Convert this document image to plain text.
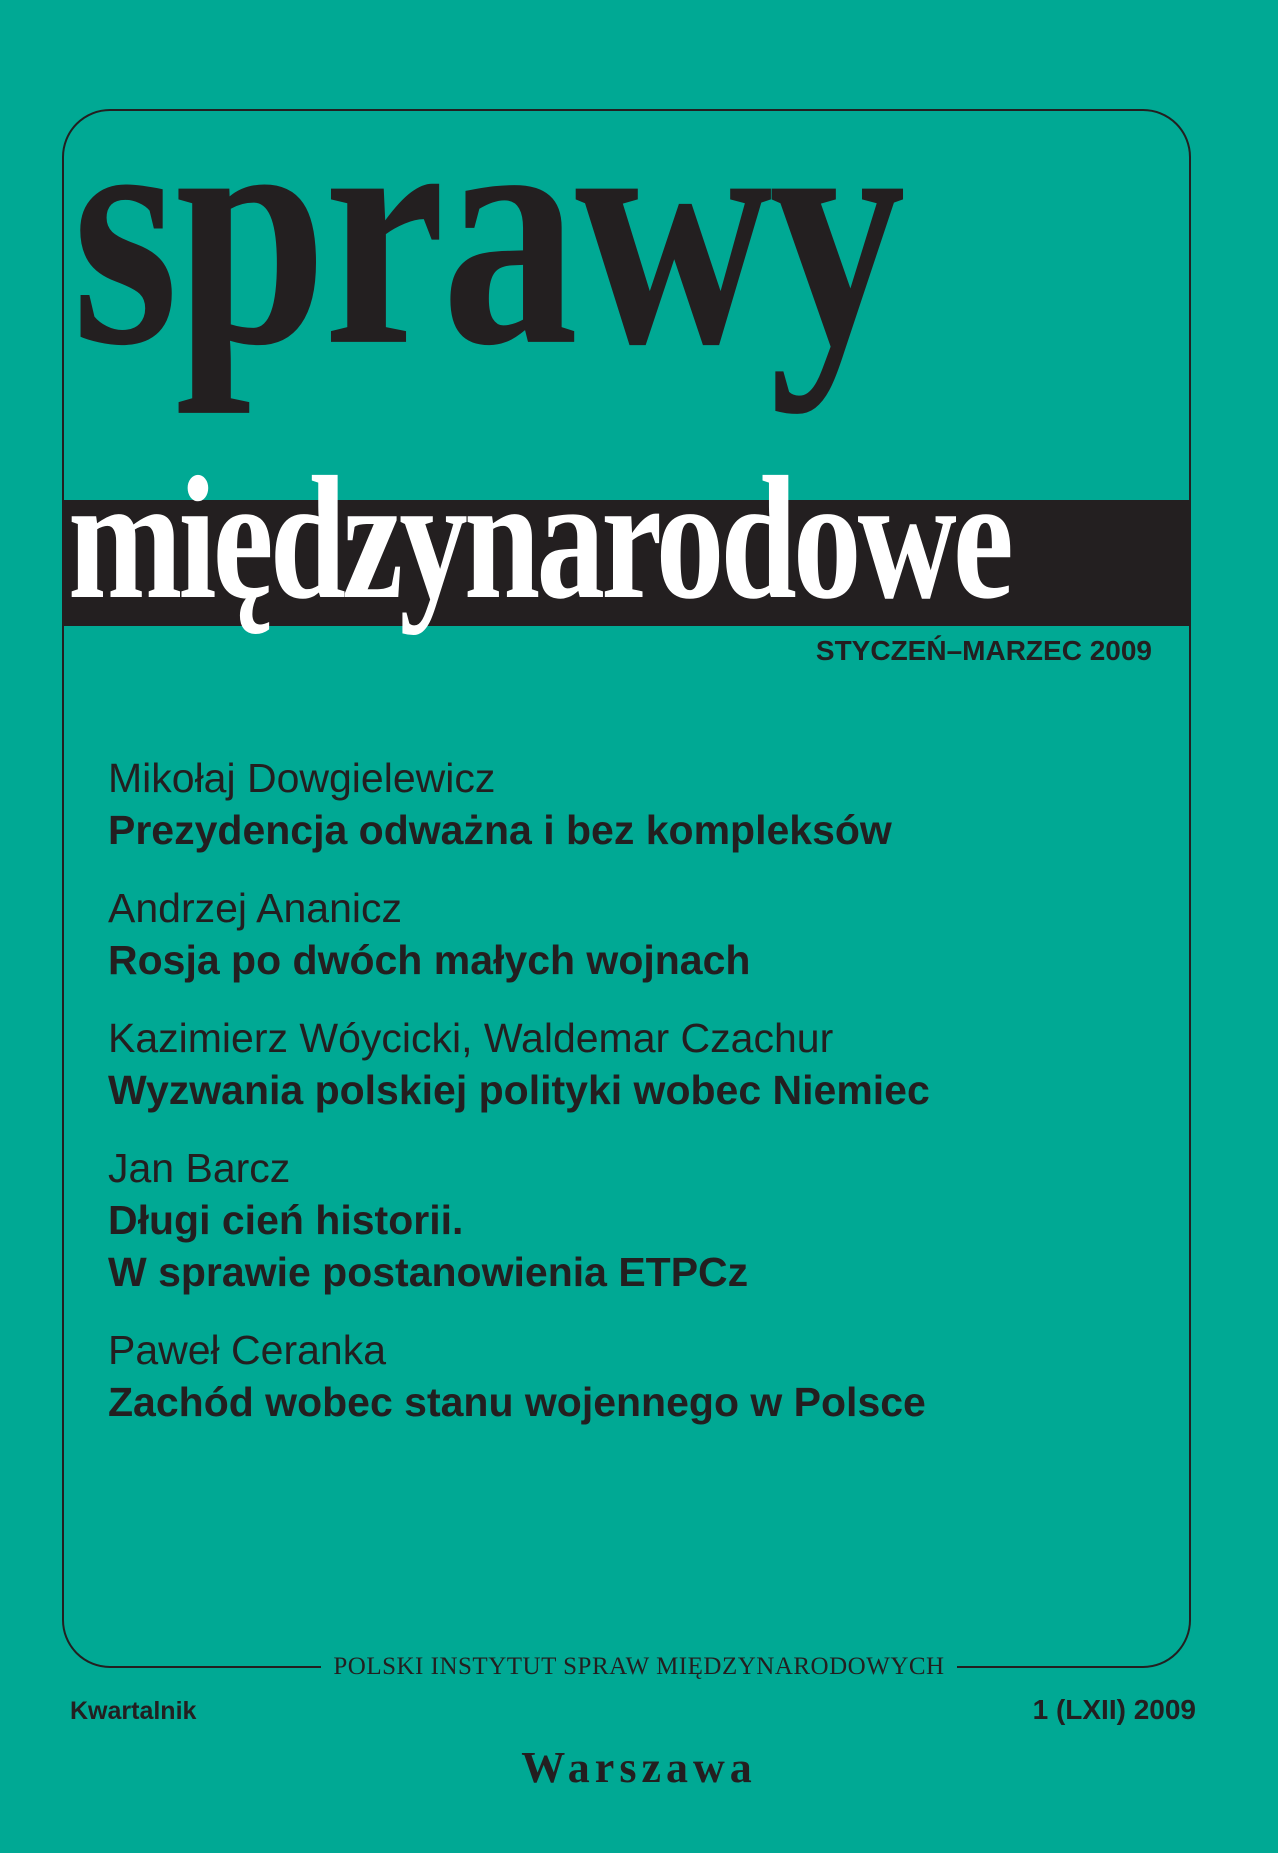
sprawy
międzynarodowe
STYCZEŃ–MARZEC 2009
Mikołaj Dowgielewicz
Prezydencja odważna i bez kompleksów
Andrzej Ananicz
Rosja po dwóch małych wojnach
Kazimierz Wóycicki, Waldemar Czachur
Wyzwania polskiej polityki wobec Niemiec
Jan Barcz
Długi cień historii.
W sprawie postanowienia ETPCz
Paweł Ceranka
Zachód wobec stanu wojennego w Polsce
POLSKI INSTYTUT SPRAW MIĘDZYNARODOWYCH
Kwartalnik	1 (LXII) 2009
Warszawa
